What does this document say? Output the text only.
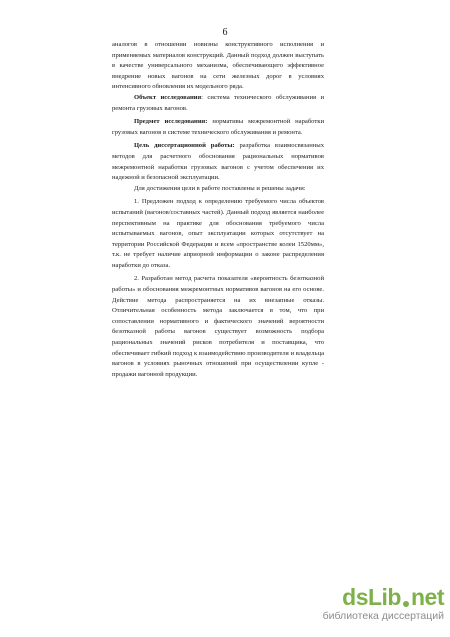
6

аналогов в отношении новизны конструктивного исполнения и применяемых материалов конструкций. Данный подход должен выступать в качестве универсального механизма, обеспечивающего эффективное внедрение новых вагонов на сети железных дорог в условиях интенсивного обновления их модельного ряда.

Объект исследования: система технического обслуживания и ремонта грузовых вагонов.

Предмет исследования: нормативы межремонтной наработки грузовых вагонов в системе технического обслуживания и ремонта.

Цель диссертационной работы: разработка взаимосвязанных методов для расчетного обоснования рациональных нормативов межремонтной наработки грузовых вагонов с учетом обеспечения их надежной и безопасной эксплуатации.

Для достижения цели в работе поставлены и решены задачи:

1. Предложен подход к определению требуемого числа объектов испытаний (вагонов/составных частей). Данный подход является наиболее перспективным на практике для обоснования требуемого числа испытываемых вагонов, опыт эксплуатации которых отсутствует на территории Российской Федерации и всем «пространстве колеи 1520мм», т.к. не требует наличие априорной информации о законе распределения наработки до отказа.

2. Разработан метод расчета показателя «вероятность безотказной работы» и обоснования межремонтных нормативов вагонов на его основе. Действие метода распространяется на их внезапные отказы. Отличительная особенность метода заключается в том, что при сопоставлении нормативного и фактического значений вероятности безотказной работы вагонов существует возможность подбора рациональных значений рисков потребителя и поставщика, что обеспечивает гибкий подход к взаимодействию производителя и владельца вагонов в условиях рыночных отношений при осуществлении купле - продажи вагонной продукции.

dsLib net
библиотека диссертаций
